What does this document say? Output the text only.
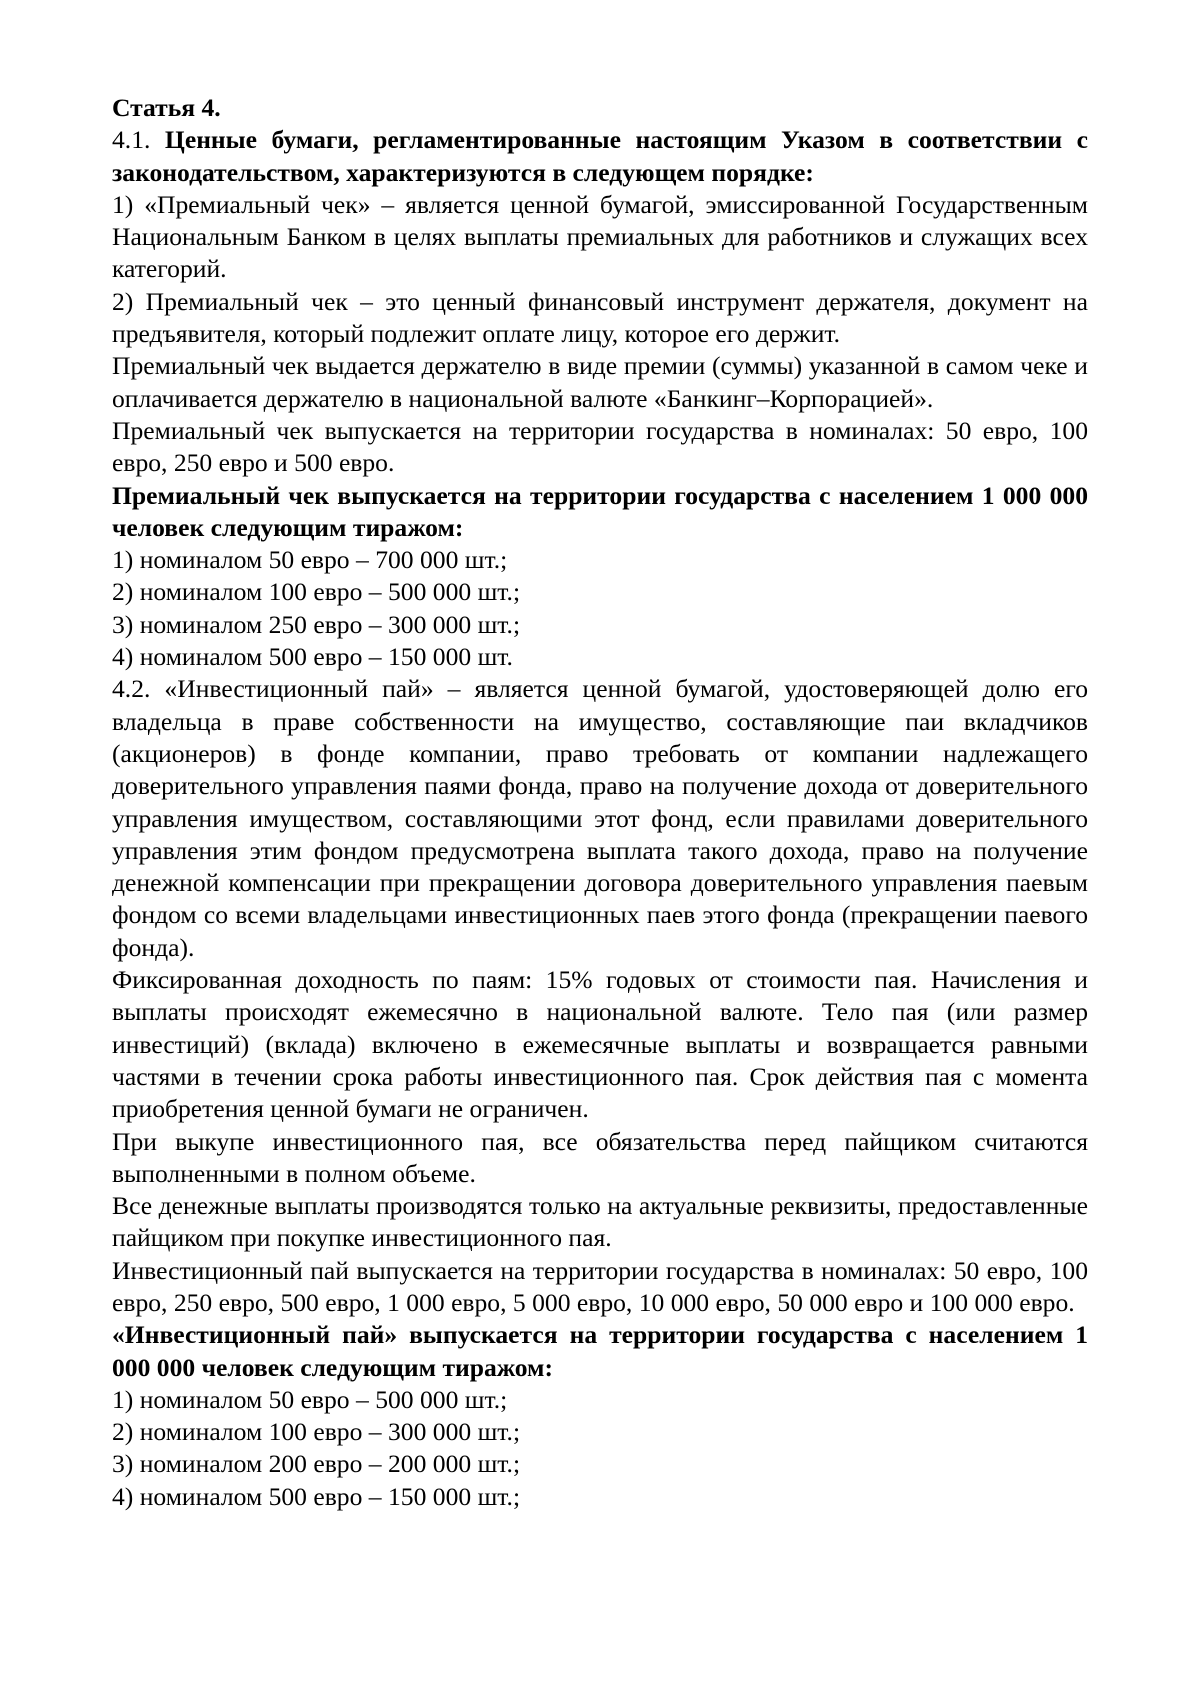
Статья 4.

4.1. Ценные бумаги, регламентированные настоящим Указом в соответствии с законодательством, характеризуются в следующем порядке:

1) «Премиальный чек» – является ценной бумагой, эмиссированной Государственным Национальным Банком в целях выплаты премиальных для работников и служащих всех категорий.

2) Премиальный чек – это ценный финансовый инструмент держателя, документ на предъявителя, который подлежит оплате лицу, которое его держит.

Премиальный чек выдается держателю в виде премии (суммы) указанной в самом чеке и оплачивается держателю в национальной валюте «Банкинг–Корпорацией».

Премиальный чек выпускается на территории государства в номиналах: 50 евро, 100 евро, 250 евро и 500 евро.

Премиальный чек выпускается на территории государства с населением 1 000 000 человек следующим тиражом:

1) номиналом 50 евро – 700 000 шт.;

2) номиналом 100 евро – 500 000 шт.;

3) номиналом 250 евро – 300 000 шт.;

4) номиналом 500 евро – 150 000 шт.

4.2. «Инвестиционный пай» – является ценной бумагой, удостоверяющей долю его владельца в праве собственности на имущество, составляющие паи вкладчиков (акционеров) в фонде компании, право требовать от компании надлежащего доверительного управления паями фонда, право на получение дохода от доверительного управления имуществом, составляющими этот фонд, если правилами доверительного управления этим фондом предусмотрена выплата такого дохода, право на получение денежной компенсации при прекращении договора доверительного управления паевым фондом со всеми владельцами инвестиционных паев этого фонда (прекращении паевого фонда).

Фиксированная доходность по паям: 15% годовых от стоимости пая. Начисления и выплаты происходят ежемесячно в национальной валюте. Тело пая (или размер инвестиций) (вклада) включено в ежемесячные выплаты и возвращается равными частями в течении срока работы инвестиционного пая. Срок действия пая с момента приобретения ценной бумаги не ограничен.

При выкупе инвестиционного пая, все обязательства перед пайщиком считаются выполненными в полном объеме.

Все денежные выплаты производятся только на актуальные реквизиты, предоставленные пайщиком при покупке инвестиционного пая.

Инвестиционный пай выпускается на территории государства в номиналах: 50 евро, 100 евро, 250 евро, 500 евро, 1 000 евро, 5 000 евро, 10 000 евро, 50 000 евро и 100 000 евро.

«Инвестиционный пай» выпускается на территории государства с населением 1 000 000 человек следующим тиражом:

1) номиналом 50 евро – 500 000 шт.;

2) номиналом 100 евро – 300 000 шт.;

3) номиналом 200 евро – 200 000 шт.;

4) номиналом 500 евро – 150 000 шт.;
